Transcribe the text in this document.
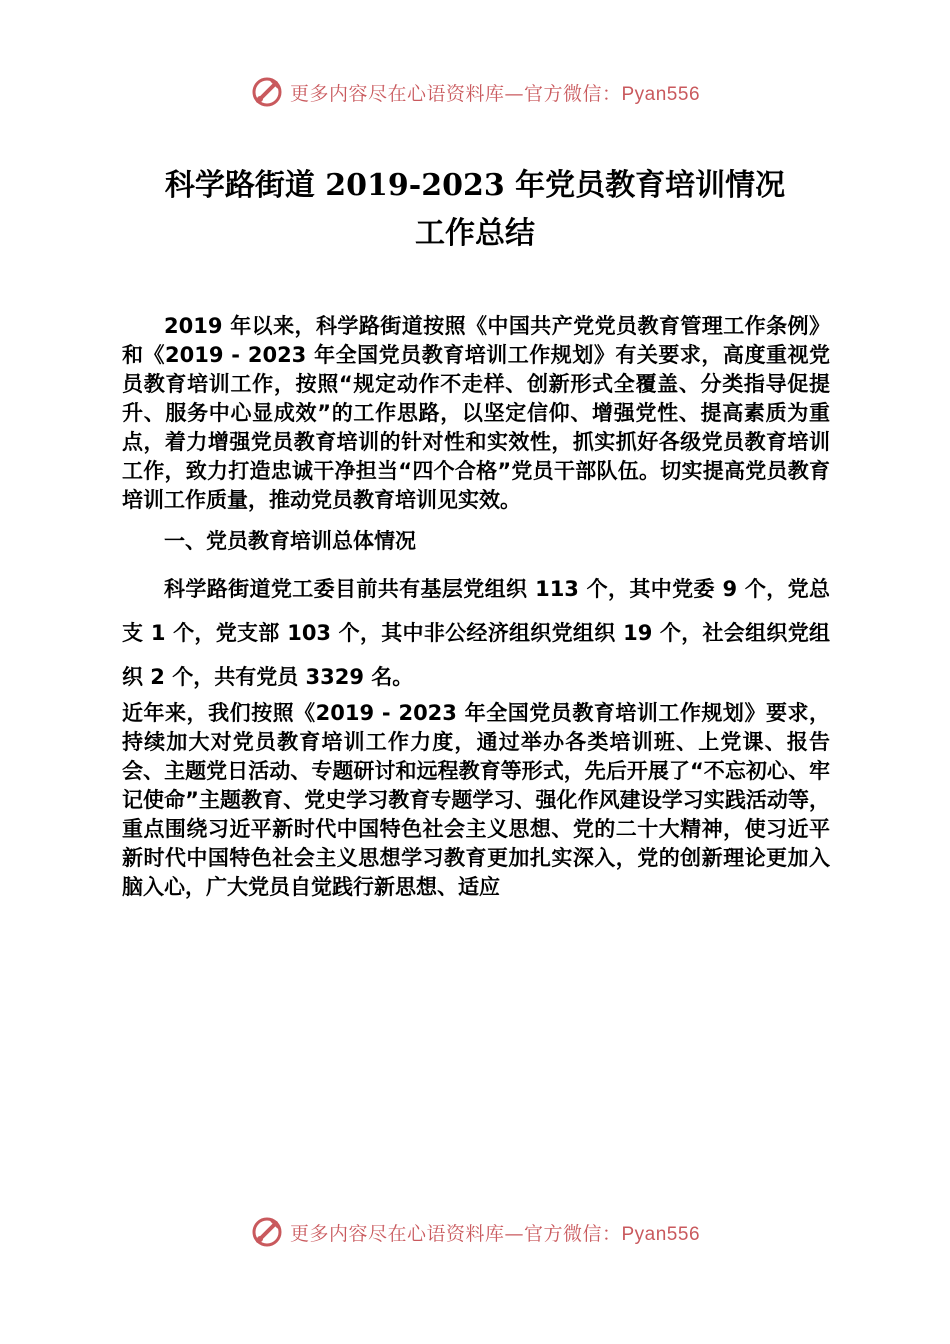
更多内容尽在心语资料库—官方微信：Pyan556
科学路街道 2019-2023 年党员教育培训情况
工作总结

2019 年以来，科学路街道按照《中国共产党党员教育管理工作条例》和《2019 - 2023 年全国党员教育培训工作规划》有关要求，高度重视党员教育培训工作，按照“规定动作不走样、创新形式全覆盖、分类指导促提升、服务中心显成效”的工作思路，以坚定信仰、增强党性、提高素质为重点，着力增强党员教育培训的针对性和实效性，抓实抓好各级党员教育培训工作，致力打造忠诚干净担当“四个合格”党员干部队伍。切实提高党员教育培训工作质量，推动党员教育培训见实效。

一、党员教育培训总体情况

科学路街道党工委目前共有基层党组织 113 个，其中党委 9 个，党总支 1 个，党支部 103 个，其中非公经济组织党组织 19 个，社会组织党组织 2 个，共有党员 3329 名。

近年来，我们按照《2019 - 2023 年全国党员教育培训工作规划》要求，持续加大对党员教育培训工作力度，通过举办各类培训班、上党课、报告会、主题党日活动、专题研讨和远程教育等形式，先后开展了“不忘初心、牢记使命”主题教育、党史学习教育专题学习、强化作风建设学习实践活动等，重点围绕习近平新时代中国特色社会主义思想、党的二十大精神，使习近平新时代中国特色社会主义思想学习教育更加扎实深入，党的创新理论更加入脑入心，广大党员自觉践行新思想、适应

更多内容尽在心语资料库—官方微信：Pyan556
